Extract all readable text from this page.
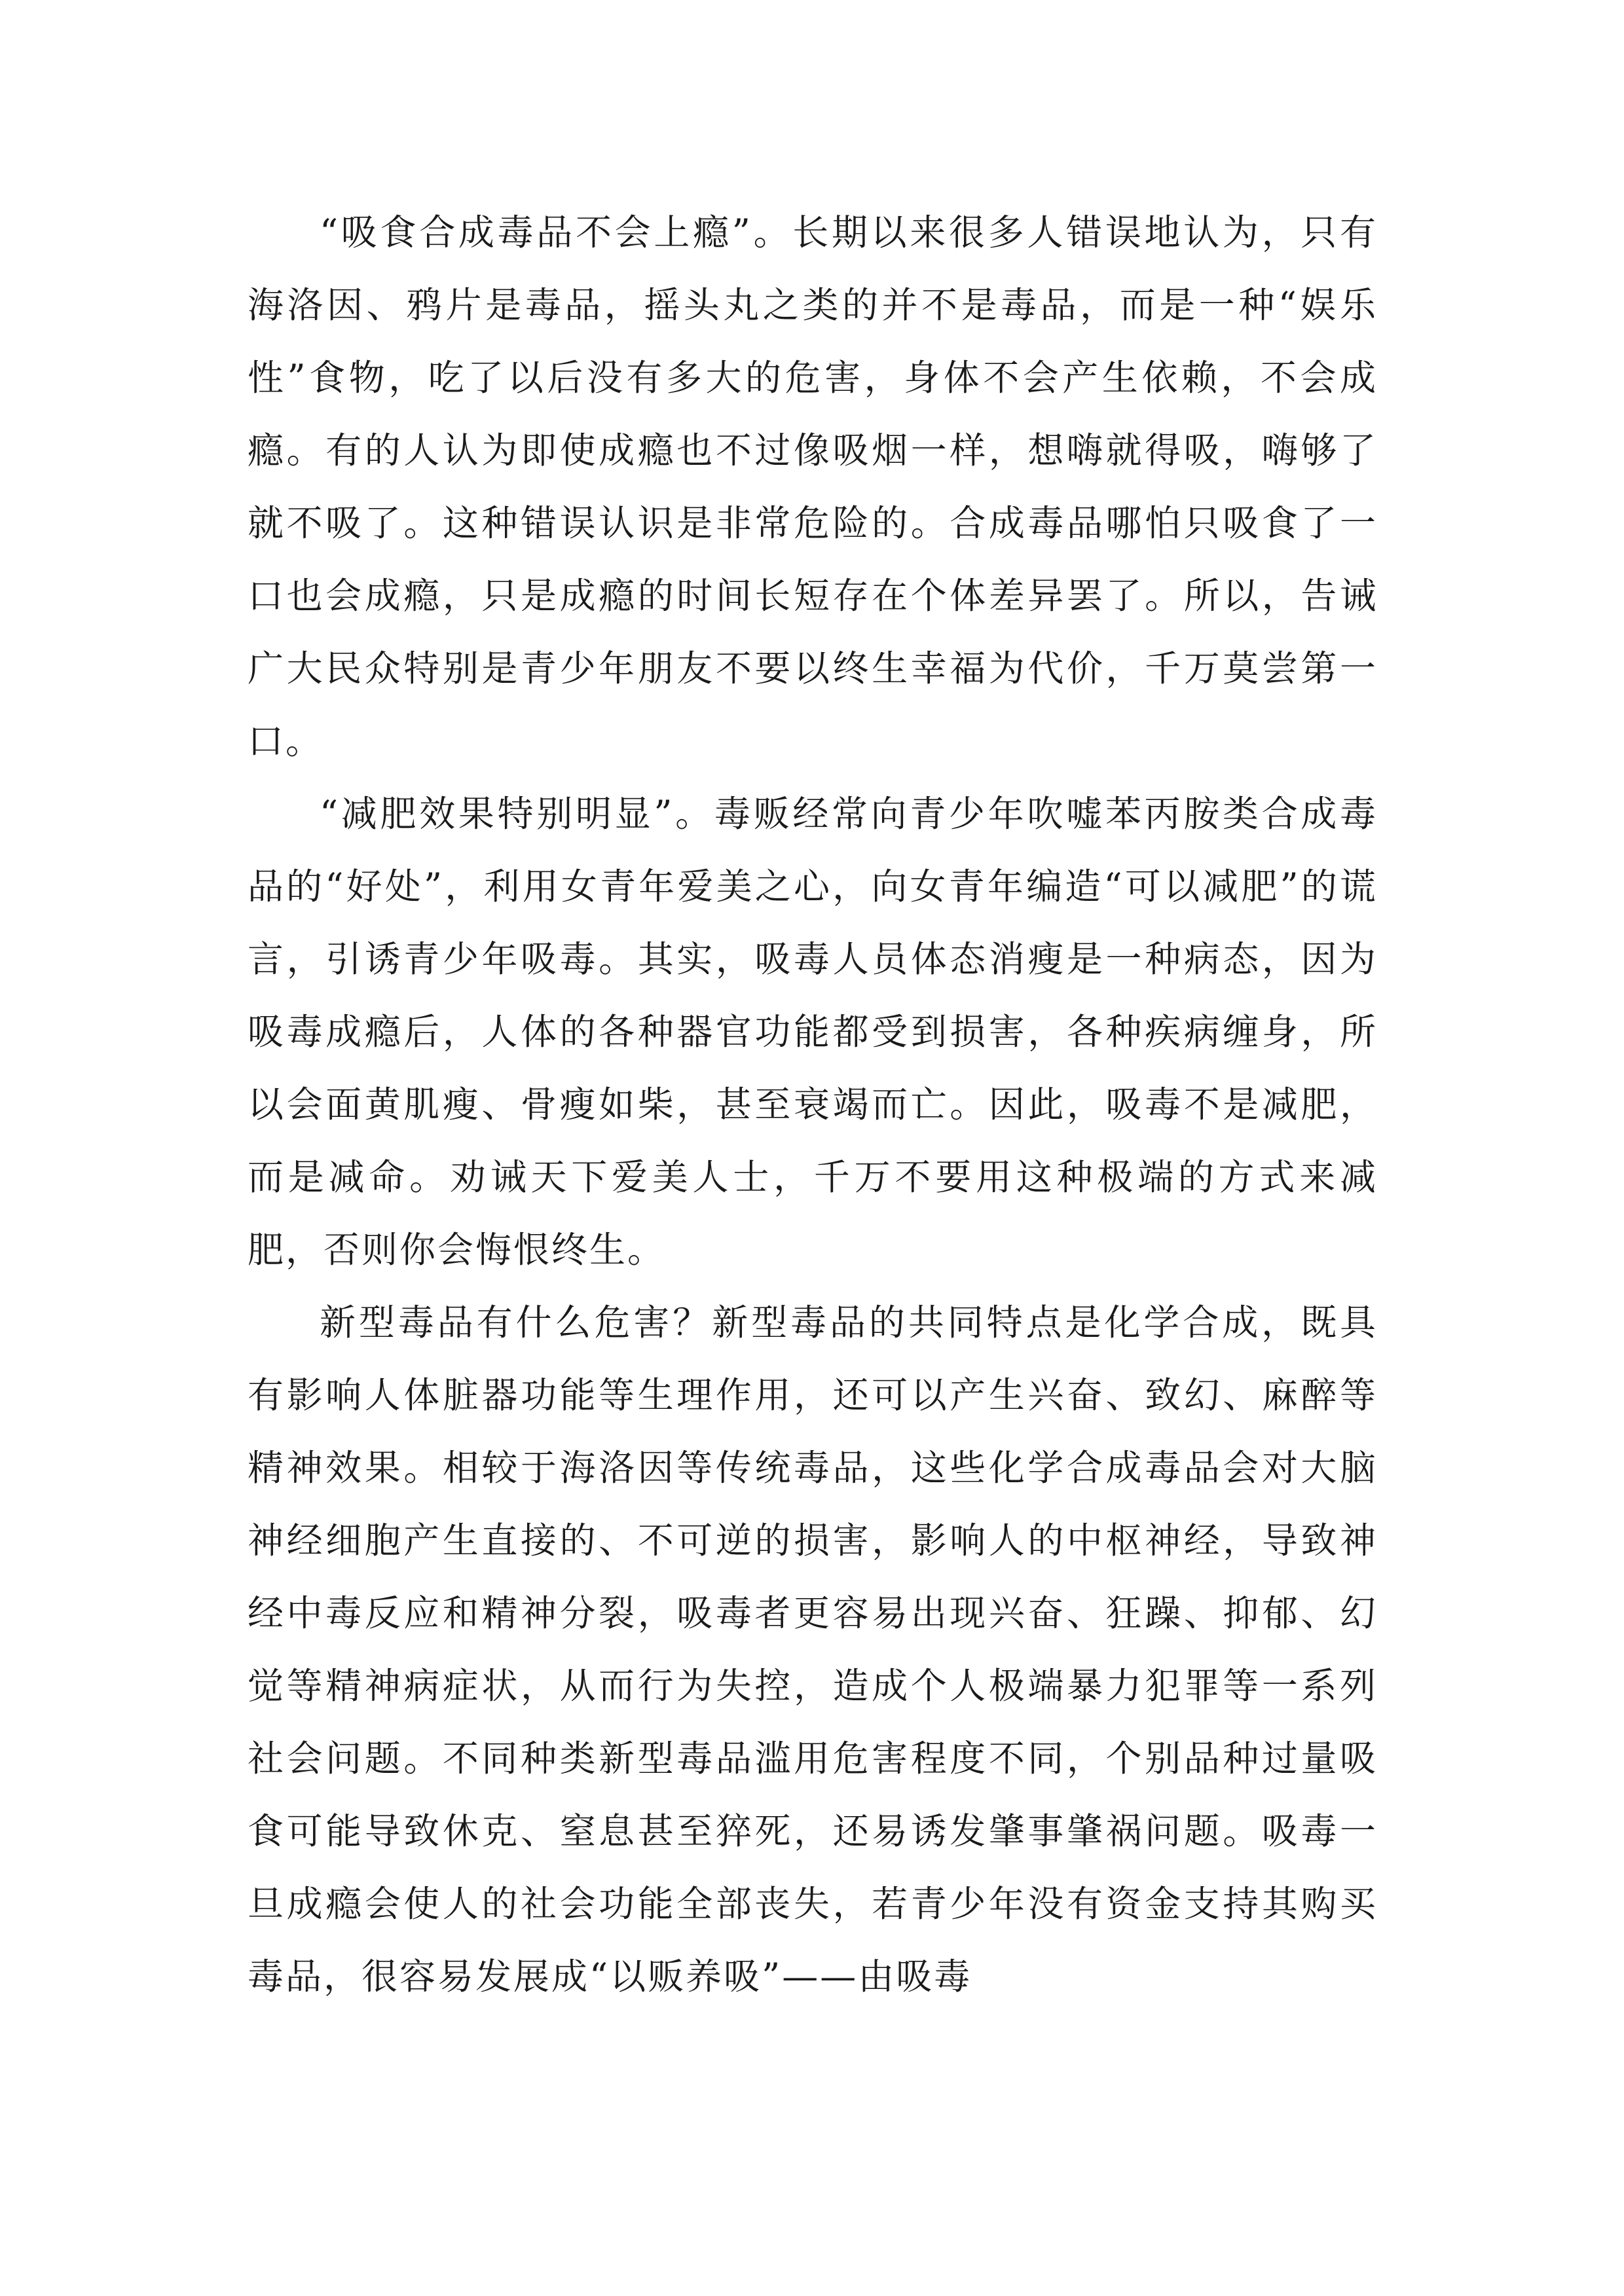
“吸食合成毒品不会上瘾”。长期以来很多人错误地认为，只有海洛因、鸦片是毒品，摇头丸之类的并不是毒品，而是一种“娱乐性”食物，吃了以后没有多大的危害，身体不会产生依赖，不会成瘾。有的人认为即使成瘾也不过像吸烟一样，想嗨就得吸，嗨够了就不吸了。这种错误认识是非常危险的。合成毒品哪怕只吸食了一口也会成瘾，只是成瘾的时间长短存在个体差异罢了。所以，告诫广大民众特别是青少年朋友不要以终生幸福为代价，千万莫尝第一口。

“减肥效果特别明显”。毒贩经常向青少年吹嘘苯丙胺类合成毒品的“好处”，利用女青年爱美之心，向女青年编造“可以减肥”的谎言，引诱青少年吸毒。其实，吸毒人员体态消瘦是一种病态，因为吸毒成瘾后，人体的各种器官功能都受到损害，各种疾病缠身，所以会面黄肌瘦、骨瘦如柴，甚至衰竭而亡。因此，吸毒不是减肥，而是减命。劝诫天下爱美人士，千万不要用这种极端的方式来减肥，否则你会悔恨终生。

新型毒品有什么危害？新型毒品的共同特点是化学合成，既具有影响人体脏器功能等生理作用，还可以产生兴奋、致幻、麻醉等精神效果。相较于海洛因等传统毒品，这些化学合成毒品会对大脑神经细胞产生直接的、不可逆的损害，影响人的中枢神经，导致神经中毒反应和精神分裂，吸毒者更容易出现兴奋、狂躁、抑郁、幻觉等精神病症状，从而行为失控，造成个人极端暴力犯罪等一系列社会问题。不同种类新型毒品滥用危害程度不同，个别品种过量吸食可能导致休克、窒息甚至猝死，还易诱发肇事肇祸问题。吸毒一旦成瘾会使人的社会功能全部丧失，若青少年没有资金支持其购买毒品，很容易发展成“以贩养吸”——由吸毒
